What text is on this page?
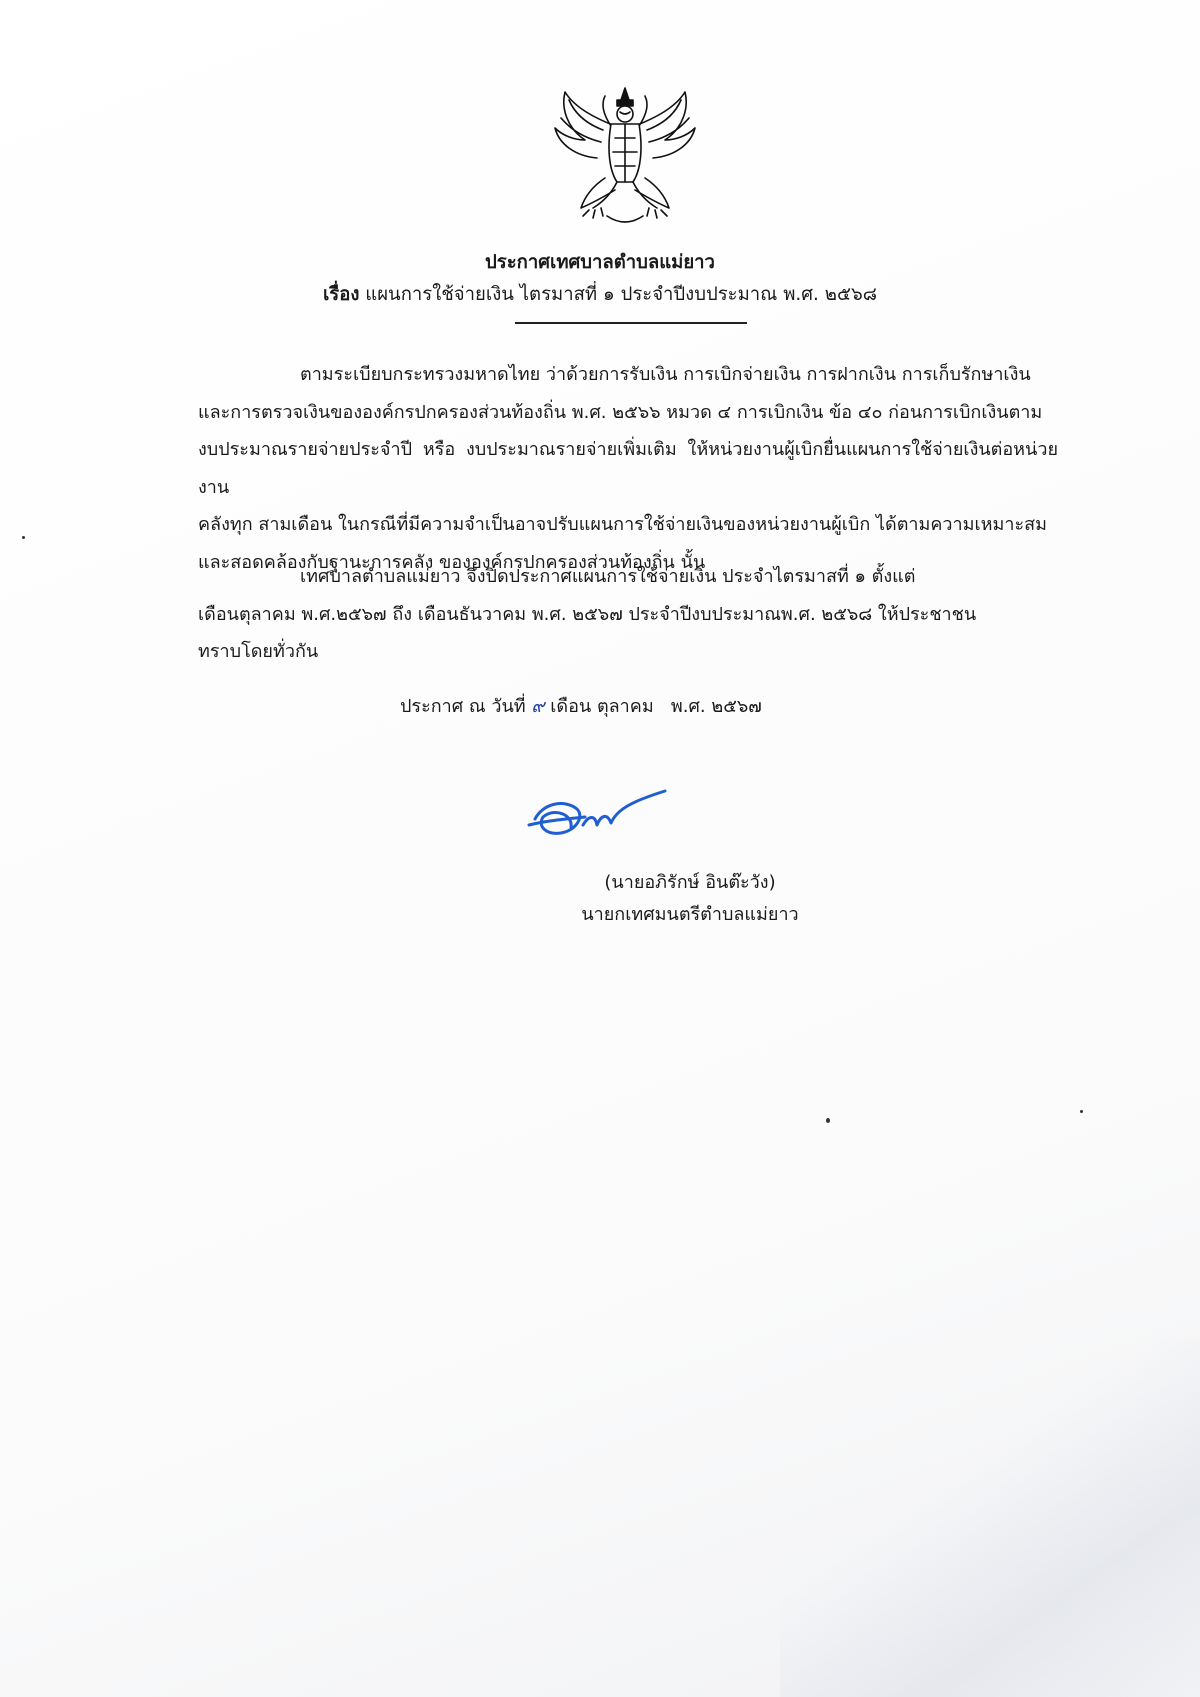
ประกาศเทศบาลตำบลแม่ยาว
เรื่อง แผนการใช้จ่ายเงิน ไตรมาสที่ ๑ ประจำปีงบประมาณ พ.ศ. ๒๕๖๘
ตามระเบียบกระทรวงมหาดไทย ว่าด้วยการรับเงิน การเบิกจ่ายเงิน การฝากเงิน การเก็บรักษาเงิน
และการตรวจเงินขององค์กรปกครองส่วนท้องถิ่น พ.ศ. ๒๕๖๖ หมวด ๔ การเบิกเงิน ข้อ ๔๐ ก่อนการเบิกเงินตาม
งบประมาณรายจ่ายประจำปี หรือ งบประมาณรายจ่ายเพิ่มเติม ให้หน่วยงานผู้เบิกยื่นแผนการใช้จ่ายเงินต่อหน่วยงาน
คลังทุก สามเดือน ในกรณีที่มีความจำเป็นอาจปรับแผนการใช้จ่ายเงินของหน่วยงานผู้เบิก ได้ตามความเหมาะสม
และสอดคล้องกับฐานะการคลัง ขององค์กรปกครองส่วนท้องถิ่น นั้น
เทศบาลตำบลแม่ยาว จึงปิดประกาศแผนการใช้จ่ายเงิน ประจำไตรมาสที่ ๑ ตั้งแต่
เดือนตุลาคม พ.ศ.๒๕๖๗ ถึง เดือนธันวาคม พ.ศ. ๒๕๖๗ ประจำปีงบประมาณพ.ศ. ๒๕๖๘ ให้ประชาชน
ทราบโดยทั่วกัน
ประกาศ ณ วันที่ ๙ เดือน ตุลาคม พ.ศ. ๒๕๖๗
(นายอภิรักษ์ อินต๊ะวัง)
นายกเทศมนตรีตำบลแม่ยาว
